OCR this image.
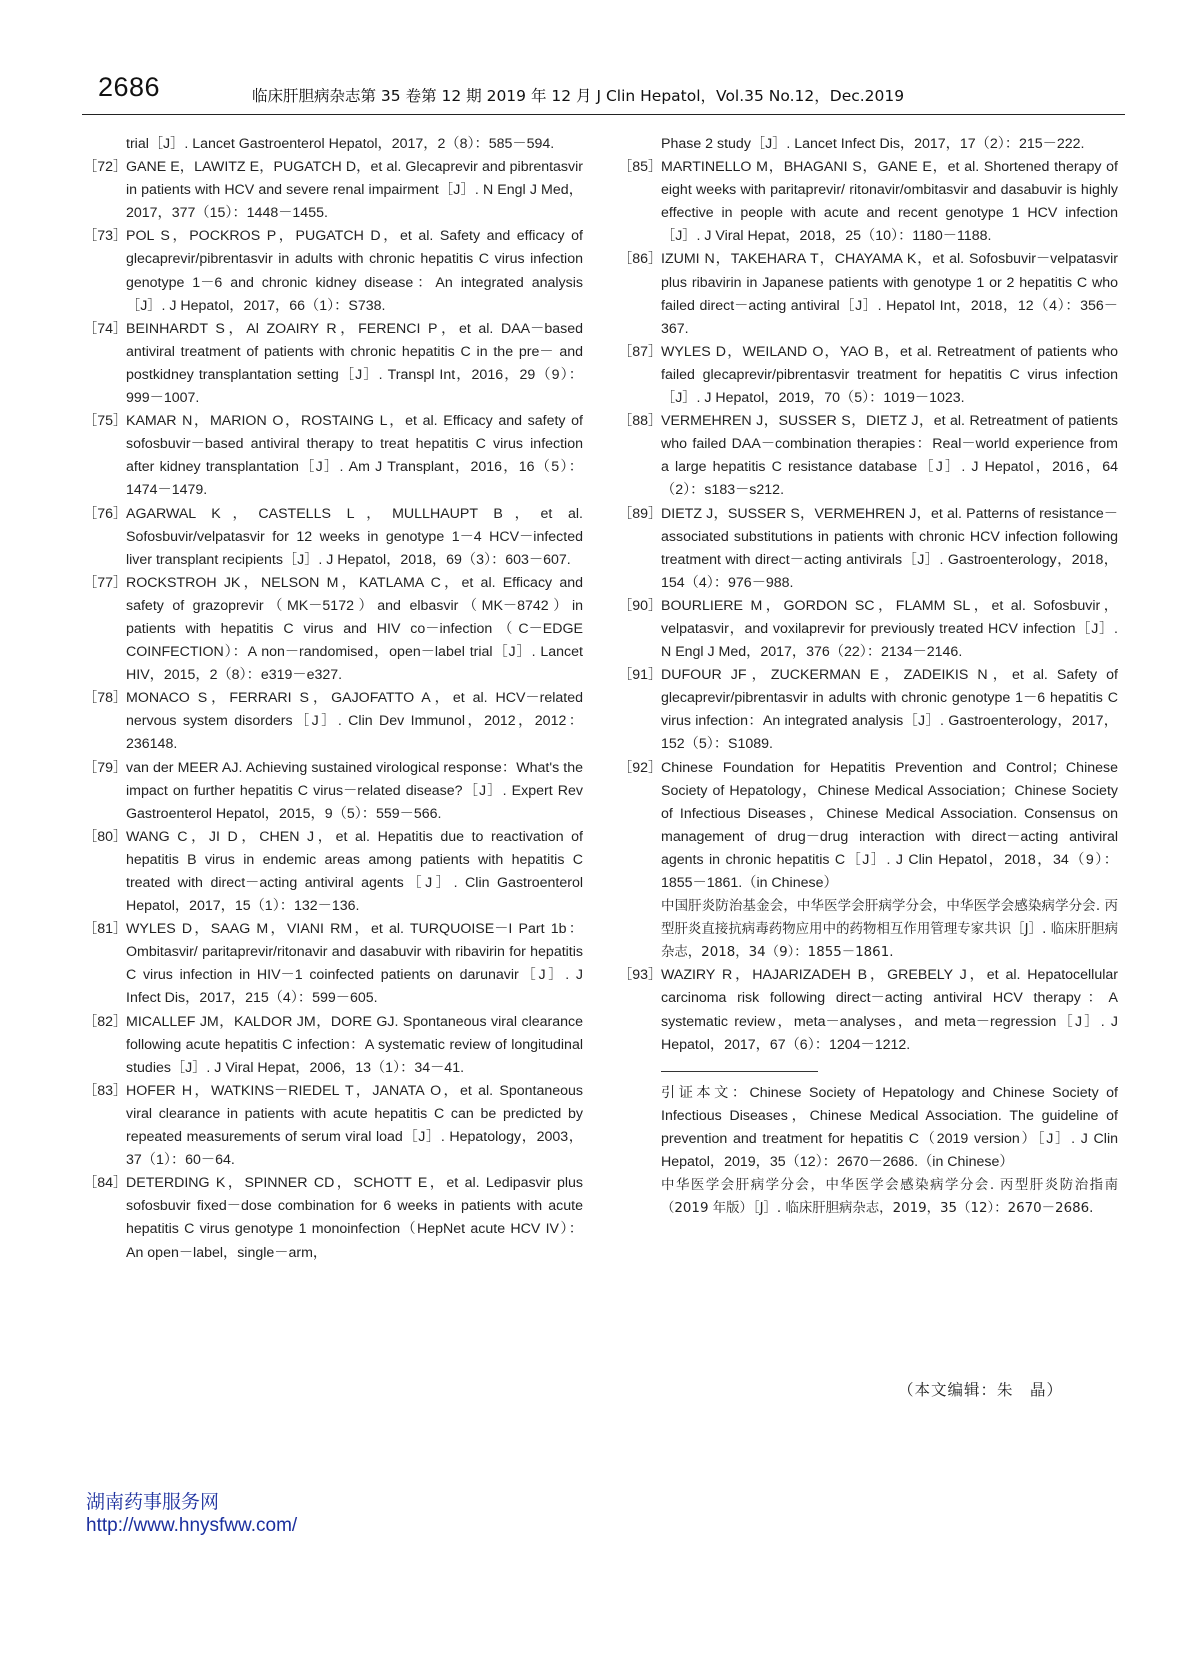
2686	临床肝胆病杂志第 35 卷第 12 期 2019 年 12 月 J Clin Hepatol，Vol.35 No.12，Dec.2019
trial［J］. Lancet Gastroenterol Hepatol，2017，2（8）：585－594.
［72］
GANE E，LAWITZ E，PUGATCH D，et al. Glecaprevir and pibrentasvir in patients with HCV and severe renal impairment［J］. N Engl J Med，2017，377（15）：1448－1455.
［73］
POL S，POCKROS P，PUGATCH D，et al. Safety and efficacy of glecaprevir/pibrentasvir in adults with chronic hepatitis C virus infection genotype 1－6 and chronic kidney disease：An integrated analysis［J］. J Hepatol，2017，66（1）：S738.
［74］
BEINHARDT S，Al ZOAIRY R，FERENCI P，et al. DAA－based antiviral treatment of patients with chronic hepatitis C in the pre－ and postkidney transplantation setting［J］. Transpl Int，2016，29（9）：999－1007.
［75］
KAMAR N，MARION O，ROSTAING L，et al. Efficacy and safety of sofosbuvir－based antiviral therapy to treat hepatitis C virus infection after kidney transplantation［J］. Am J Transplant，2016，16（5）：1474－1479.
［76］
AGARWAL K，CASTELLS L，MULLHAUPT B，et al. Sofosbuvir/velpatasvir for 12 weeks in genotype 1－4 HCV－infected liver transplant recipients［J］. J Hepatol，2018，69（3）：603－607.
［77］
ROCKSTROH JK，NELSON M，KATLAMA C，et al. Efficacy and safety of grazoprevir（MK－5172）and elbasvir（MK－8742）in patients with hepatitis C virus and HIV co－infection（C－EDGE COINFECTION）：A non－randomised，open－label trial［J］. Lancet HIV，2015，2（8）：e319－e327.
［78］
MONACO S，FERRARI S，GAJOFATTO A，et al. HCV－related nervous system disorders［J］. Clin Dev Immunol，2012，2012：236148.
［79］
van der MEER AJ. Achieving sustained virological response：What's the impact on further hepatitis C virus－related disease?［J］. Expert Rev Gastroenterol Hepatol，2015，9（5）：559－566.
［80］
WANG C，JI D，CHEN J，et al. Hepatitis due to reactivation of hepatitis B virus in endemic areas among patients with hepatitis C treated with direct－acting antiviral agents［J］. Clin Gastroenterol Hepatol，2017，15（1）：132－136.
［81］
WYLES D，SAAG M，VIANI RM，et al. TURQUOISE－I Part 1b：Ombitasvir/ paritaprevir/ritonavir and dasabuvir with ribavirin for hepatitis C virus infection in HIV－1 coinfected patients on darunavir［J］. J Infect Dis，2017，215（4）：599－605.
［82］
MICALLEF JM，KALDOR JM，DORE GJ. Spontaneous viral clearance following acute hepatitis C infection：A systematic review of longitudinal studies［J］. J Viral Hepat，2006，13（1）：34－41.
［83］
HOFER H，WATKINS－RIEDEL T，JANATA O，et al. Spontaneous viral clearance in patients with acute hepatitis C can be predicted by repeated measurements of serum viral load［J］. Hepatology，2003，37（1）：60－64.
［84］
DETERDING K，SPINNER CD，SCHOTT E，et al. Ledipasvir plus sofosbuvir fixed－dose combination for 6 weeks in patients with acute hepatitis C virus genotype 1 monoinfection（HepNet acute HCV IV）：An open－label，single－arm，
Phase 2 study［J］. Lancet Infect Dis，2017，17（2）：215－222.
［85］
MARTINELLO M，BHAGANI S，GANE E，et al. Shortened therapy of eight weeks with paritaprevir/ ritonavir/ombitasvir and dasabuvir is highly effective in people with acute and recent genotype 1 HCV infection［J］. J Viral Hepat，2018，25（10）：1180－1188.
［86］
IZUMI N，TAKEHARA T，CHAYAMA K，et al. Sofosbuvir－velpatasvir plus ribavirin in Japanese patients with genotype 1 or 2 hepatitis C who failed direct－acting antiviral［J］. Hepatol Int，2018，12（4）：356－367.
［87］
WYLES D，WEILAND O，YAO B，et al. Retreatment of patients who failed glecaprevir/pibrentasvir treatment for hepatitis C virus infection［J］. J Hepatol，2019，70（5）：1019－1023.
［88］
VERMEHREN J，SUSSER S，DIETZ J，et al. Retreatment of patients who failed DAA－combination therapies：Real－world experience from a large hepatitis C resistance database［J］. J Hepatol，2016，64（2）：s183－s212.
［89］
DIETZ J，SUSSER S，VERMEHREN J，et al. Patterns of resistance－associated substitutions in patients with chronic HCV infection following treatment with direct－acting antivirals［J］. Gastroenterology，2018，154（4）：976－988.
［90］
BOURLIERE M，GORDON SC，FLAMM SL，et al. Sofosbuvir，velpatasvir，and voxilaprevir for previously treated HCV infection［J］. N Engl J Med，2017，376（22）：2134－2146.
［91］
DUFOUR JF，ZUCKERMAN E，ZADEIKIS N，et al. Safety of glecaprevir/pibrentasvir in adults with chronic genotype 1－6 hepatitis C virus infection：An integrated analysis［J］. Gastroenterology，2017，152（5）：S1089.
［92］
Chinese Foundation for Hepatitis Prevention and Control；Chinese Society of Hepatology，Chinese Medical Association；Chinese Society of Infectious Diseases，Chinese Medical Association. Consensus on management of drug－drug interaction with direct－acting antiviral agents in chronic hepatitis C［J］. J Clin Hepatol，2018，34（9）：1855－1861.（in Chinese）
中国肝炎防治基金会，中华医学会肝病学分会，中华医学会感染病学分会. 丙型肝炎直接抗病毒药物应用中的药物相互作用管理专家共识［J］. 临床肝胆病杂志，2018，34（9）：1855－1861.
［93］
WAZIRY R，HAJARIZADEH B，GREBELY J，et al. Hepatocellular carcinoma risk following direct－acting antiviral HCV therapy：A systematic review，meta－analyses，and meta－regression［J］. J Hepatol，2017，67（6）：1204－1212.
引证本文：Chinese Society of Hepatology and Chinese Society of Infectious Diseases，Chinese Medical Association. The guideline of prevention and treatment for hepatitis C（2019 version）［J］. J Clin Hepatol，2019，35（12）：2670－2686.（in Chinese）
中华医学会肝病学分会，中华医学会感染病学分会. 丙型肝炎防治指南（2019 年版）［J］. 临床肝胆病杂志，2019，35（12）：2670－2686.
（本文编辑：朱　晶）
湖南药事服务网
http://www.hnysfww.com/
